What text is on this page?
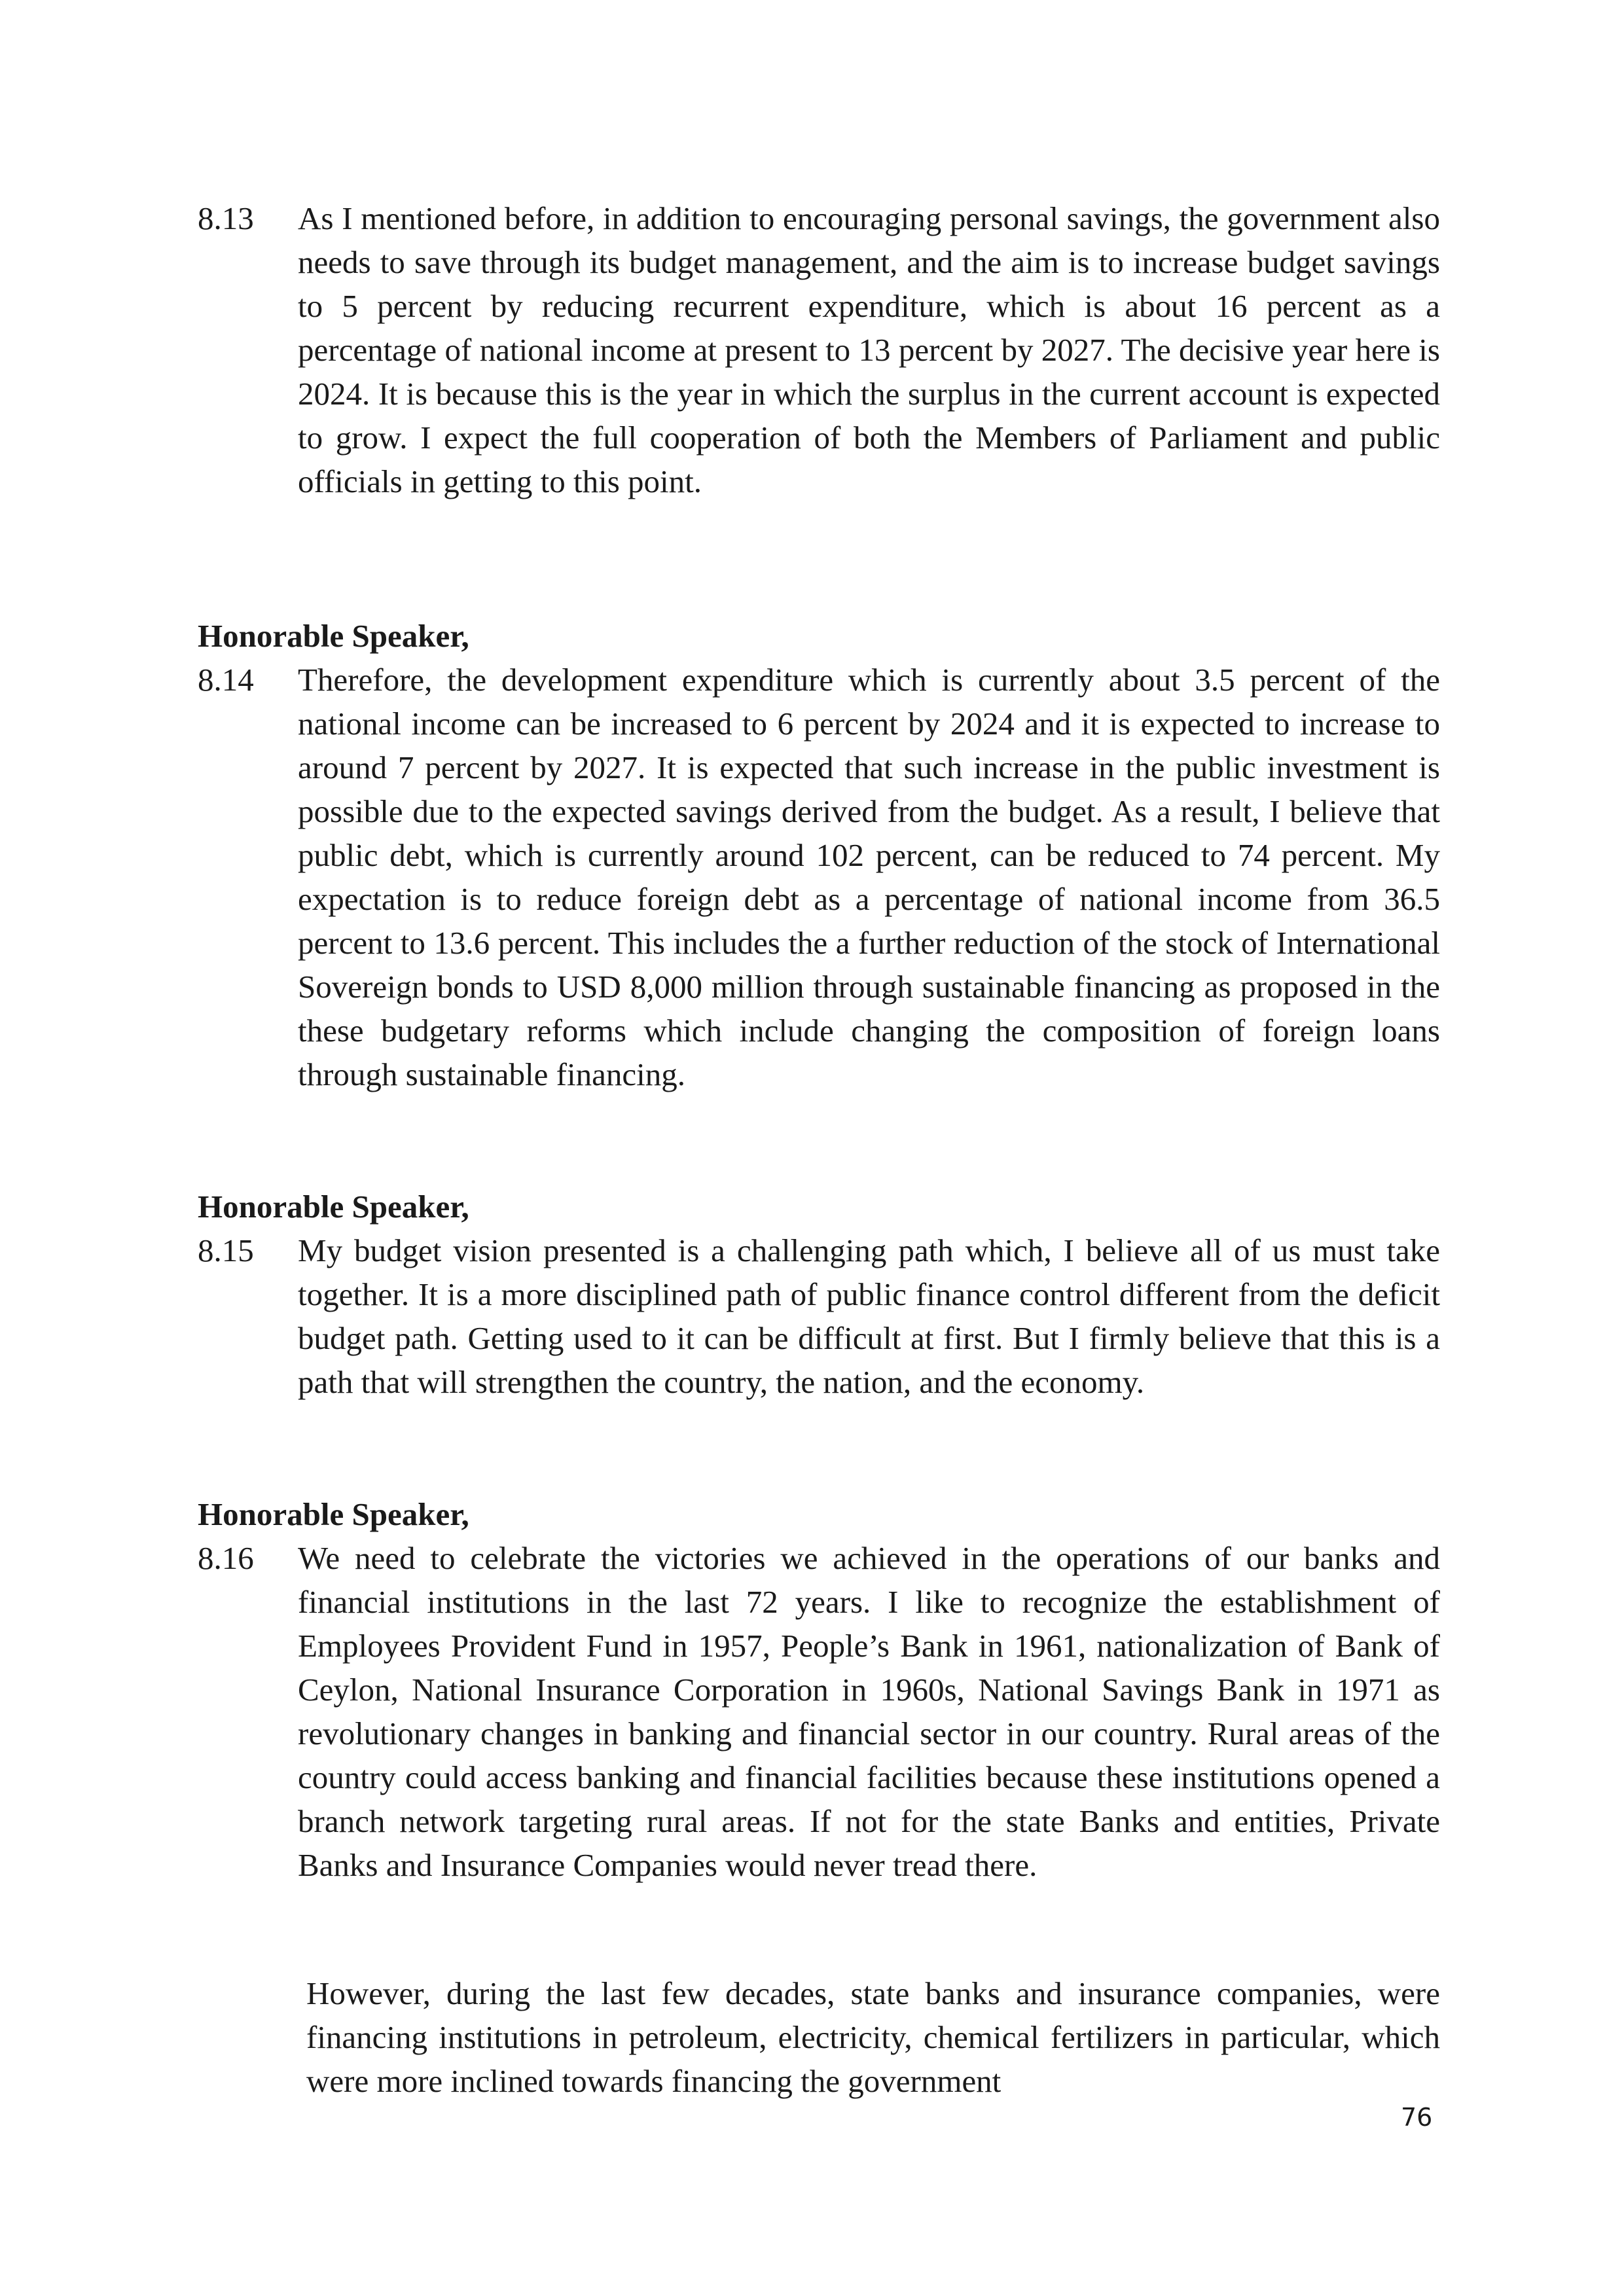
8.13 As I mentioned before, in addition to encouraging personal savings, the government also needs to save through its budget management, and the aim is to increase budget savings to 5 percent by reducing recurrent expenditure, which is about 16 percent as a percentage of national income at present to 13 percent by 2027. The decisive year here is 2024. It is because this is the year in which the surplus in the current account is expected to grow. I expect the full cooperation of both the Members of Parliament and public officials in getting to this point.
Honorable Speaker,
8.14 Therefore, the development expenditure which is currently about 3.5 percent of the national income can be increased to 6 percent by 2024 and it is expected to increase to around 7 percent by 2027. It is expected that such increase in the public investment is possible due to the expected savings derived from the budget. As a result, I believe that public debt, which is currently around 102 percent, can be reduced to 74 percent. My expectation is to reduce foreign debt as a percentage of national income from 36.5 percent to 13.6 percent. This includes the a further reduction of the stock of International Sovereign bonds to USD 8,000 million through sustainable financing as proposed in the these budgetary reforms which include changing the composition of foreign loans through sustainable financing.
Honorable Speaker,
8.15 My budget vision presented is a challenging path which, I believe all of us must take together. It is a more disciplined path of public finance control different from the deficit budget path. Getting used to it can be difficult at first. But I firmly believe that this is a path that will strengthen the country, the nation, and the economy.
Honorable Speaker,
8.16 We need to celebrate the victories we achieved in the operations of our banks and financial institutions in the last 72 years. I like to recognize the establishment of Employees Provident Fund in 1957, People’s Bank in 1961, nationalization of Bank of Ceylon, National Insurance Corporation in 1960s, National Savings Bank in 1971 as revolutionary changes in banking and financial sector in our country. Rural areas of the country could access banking and financial facilities because these institutions opened a branch network targeting rural areas. If not for the state Banks and entities, Private Banks and Insurance Companies would never tread there.
However, during the last few decades, state banks and insurance companies, were financing institutions in petroleum, electricity, chemical fertilizers in particular, which were more inclined towards financing the government
76
